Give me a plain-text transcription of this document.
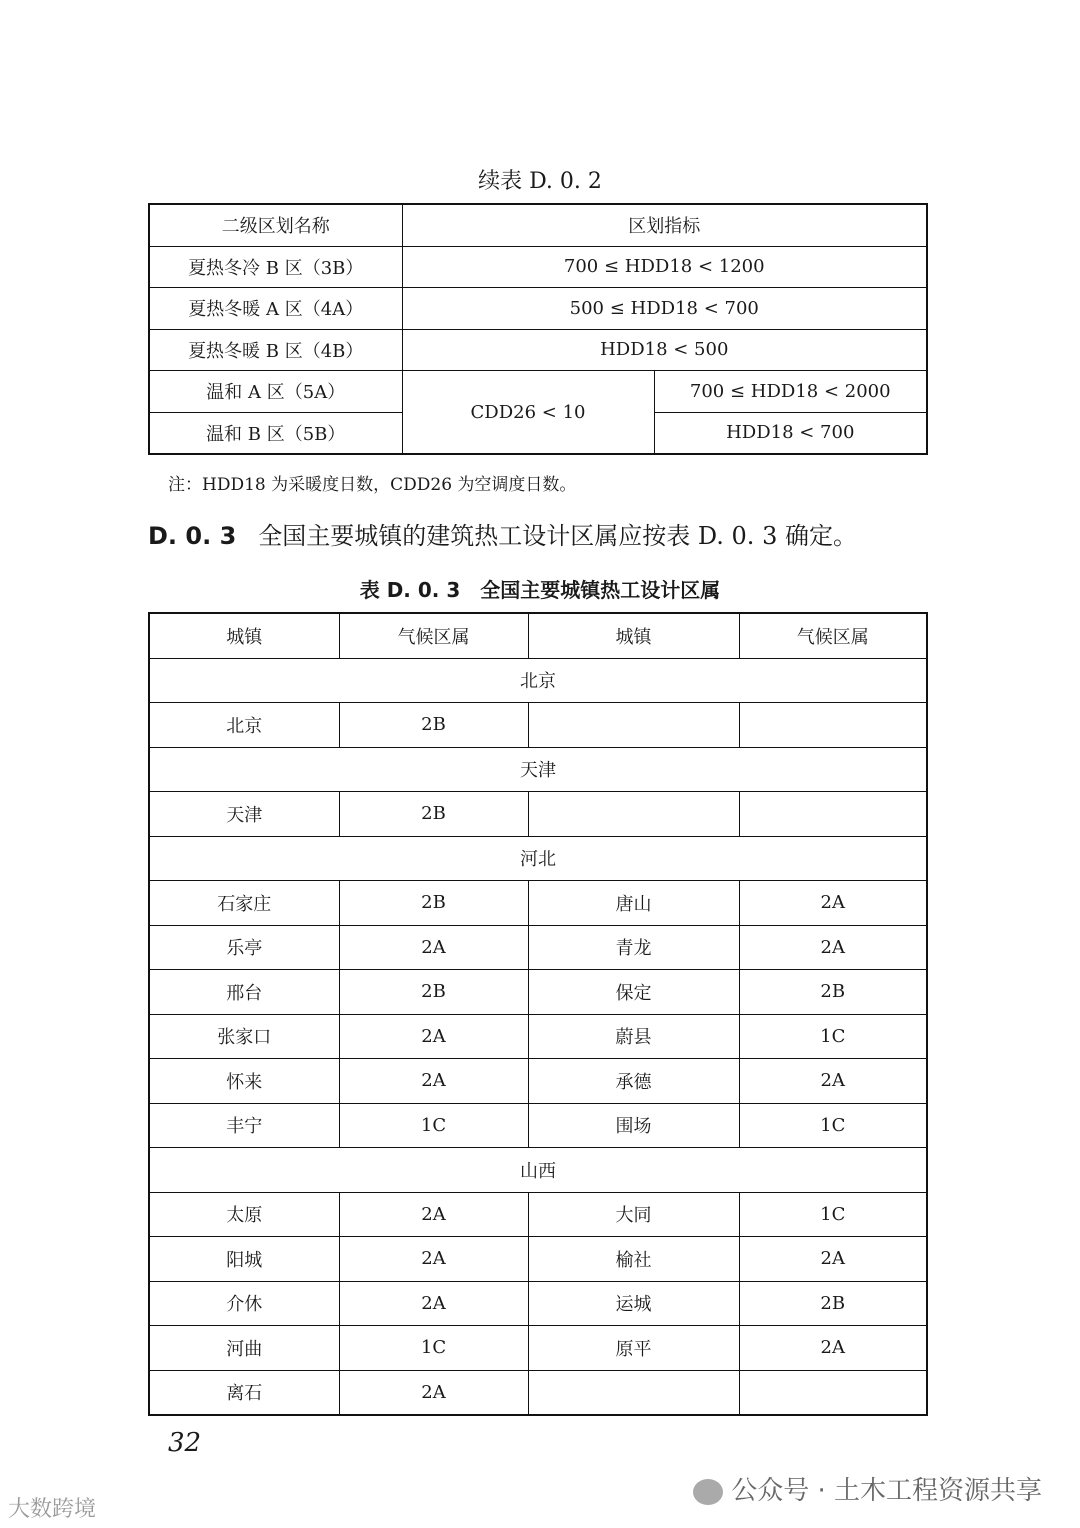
续表 D. 0. 2
二级区划名称	区划指标	
夏热冬冷 B 区（3B）	700 ≤ HDD18 < 1200	
夏热冬暖 A 区（4A）	500 ≤ HDD18 < 700	
夏热冬暖 B 区（4B）	HDD18 < 500	
温和 A 区（5A）	CDD26 < 10	700 ≤ HDD18 < 2000
温和 B 区（5B）		HDD18 < 700
注：HDD18 为采暖度日数，CDD26 为空调度日数。
D. 0. 3 全国主要城镇的建筑热工设计区属应按表 D. 0. 3 确定。
表 D. 0. 3　全国主要城镇热工设计区属
城镇	气候区属	城镇	气候区属
北京			
北京	2B		
天津			
天津	2B		
河北			
石家庄	2B	唐山	2A
乐亭	2A	青龙	2A
邢台	2B	保定	2B
张家口	2A	蔚县	1C
怀来	2A	承德	2A
丰宁	1C	围场	1C
山西			
太原	2A	大同	1C
阳城	2A	榆社	2A
介休	2A	运城	2B
河曲	1C	原平	2A
离石	2A		
32
公众号 · 土木工程资源共享
大数跨境
